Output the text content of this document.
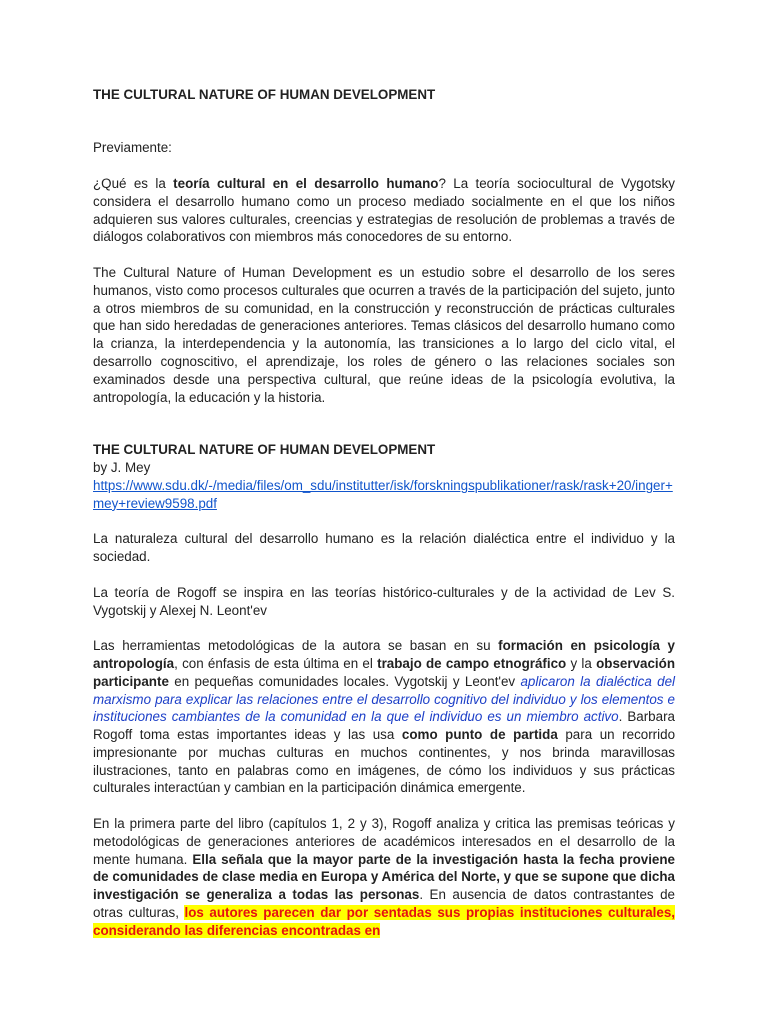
THE CULTURAL NATURE OF HUMAN DEVELOPMENT

Previamente:

¿Qué es la teoría cultural en el desarrollo humano? La teoría sociocultural de Vygotsky considera el desarrollo humano como un proceso mediado socialmente en el que los niños adquieren sus valores culturales, creencias y estrategias de resolución de problemas a través de diálogos colaborativos con miembros más conocedores de su entorno.

The Cultural Nature of Human Development es un estudio sobre el desarrollo de los seres humanos, visto como procesos culturales que ocurren a través de la participación del sujeto, junto a otros miembros de su comunidad, en la construcción y reconstrucción de prácticas culturales que han sido heredadas de generaciones anteriores. Temas clásicos del desarrollo humano como la crianza, la interdependencia y la autonomía, las transiciones a lo largo del ciclo vital, el desarrollo cognoscitivo, el aprendizaje, los roles de género o las relaciones sociales son examinados desde una perspectiva cultural, que reúne ideas de la psicología evolutiva, la antropología, la educación y la historia.

THE CULTURAL NATURE OF HUMAN DEVELOPMENT

by J. Mey

https://www.sdu.dk/-/media/files/om_sdu/institutter/isk/forskningspublikationer/rask/rask+20/inger+mey+review9598.pdf

La naturaleza cultural del desarrollo humano es la relación dialéctica entre el individuo y la sociedad.

La teoría de Rogoff se inspira en las teorías histórico-culturales y de la actividad de Lev S. Vygotskij y Alexej N. Leont'ev

Las herramientas metodológicas de la autora se basan en su formación en psicología y antropología, con énfasis de esta última en el trabajo de campo etnográfico y la observación participante en pequeñas comunidades locales. Vygotskij y Leont'ev aplicaron la dialéctica del marxismo para explicar las relaciones entre el desarrollo cognitivo del individuo y los elementos e instituciones cambiantes de la comunidad en la que el individuo es un miembro activo. Barbara Rogoff toma estas importantes ideas y las usa como punto de partida para un recorrido impresionante por muchas culturas en muchos continentes, y nos brinda maravillosas ilustraciones, tanto en palabras como en imágenes, de cómo los individuos y sus prácticas culturales interactúan y cambian en la participación dinámica emergente.

En la primera parte del libro (capítulos 1, 2 y 3), Rogoff analiza y critica las premisas teóricas y metodológicas de generaciones anteriores de académicos interesados en el desarrollo de la mente humana. Ella señala que la mayor parte de la investigación hasta la fecha proviene de comunidades de clase media en Europa y América del Norte, y que se supone que dicha investigación se generaliza a todas las personas. En ausencia de datos contrastantes de otras culturas, los autores parecen dar por sentadas sus propias instituciones culturales, considerando las diferencias encontradas en
